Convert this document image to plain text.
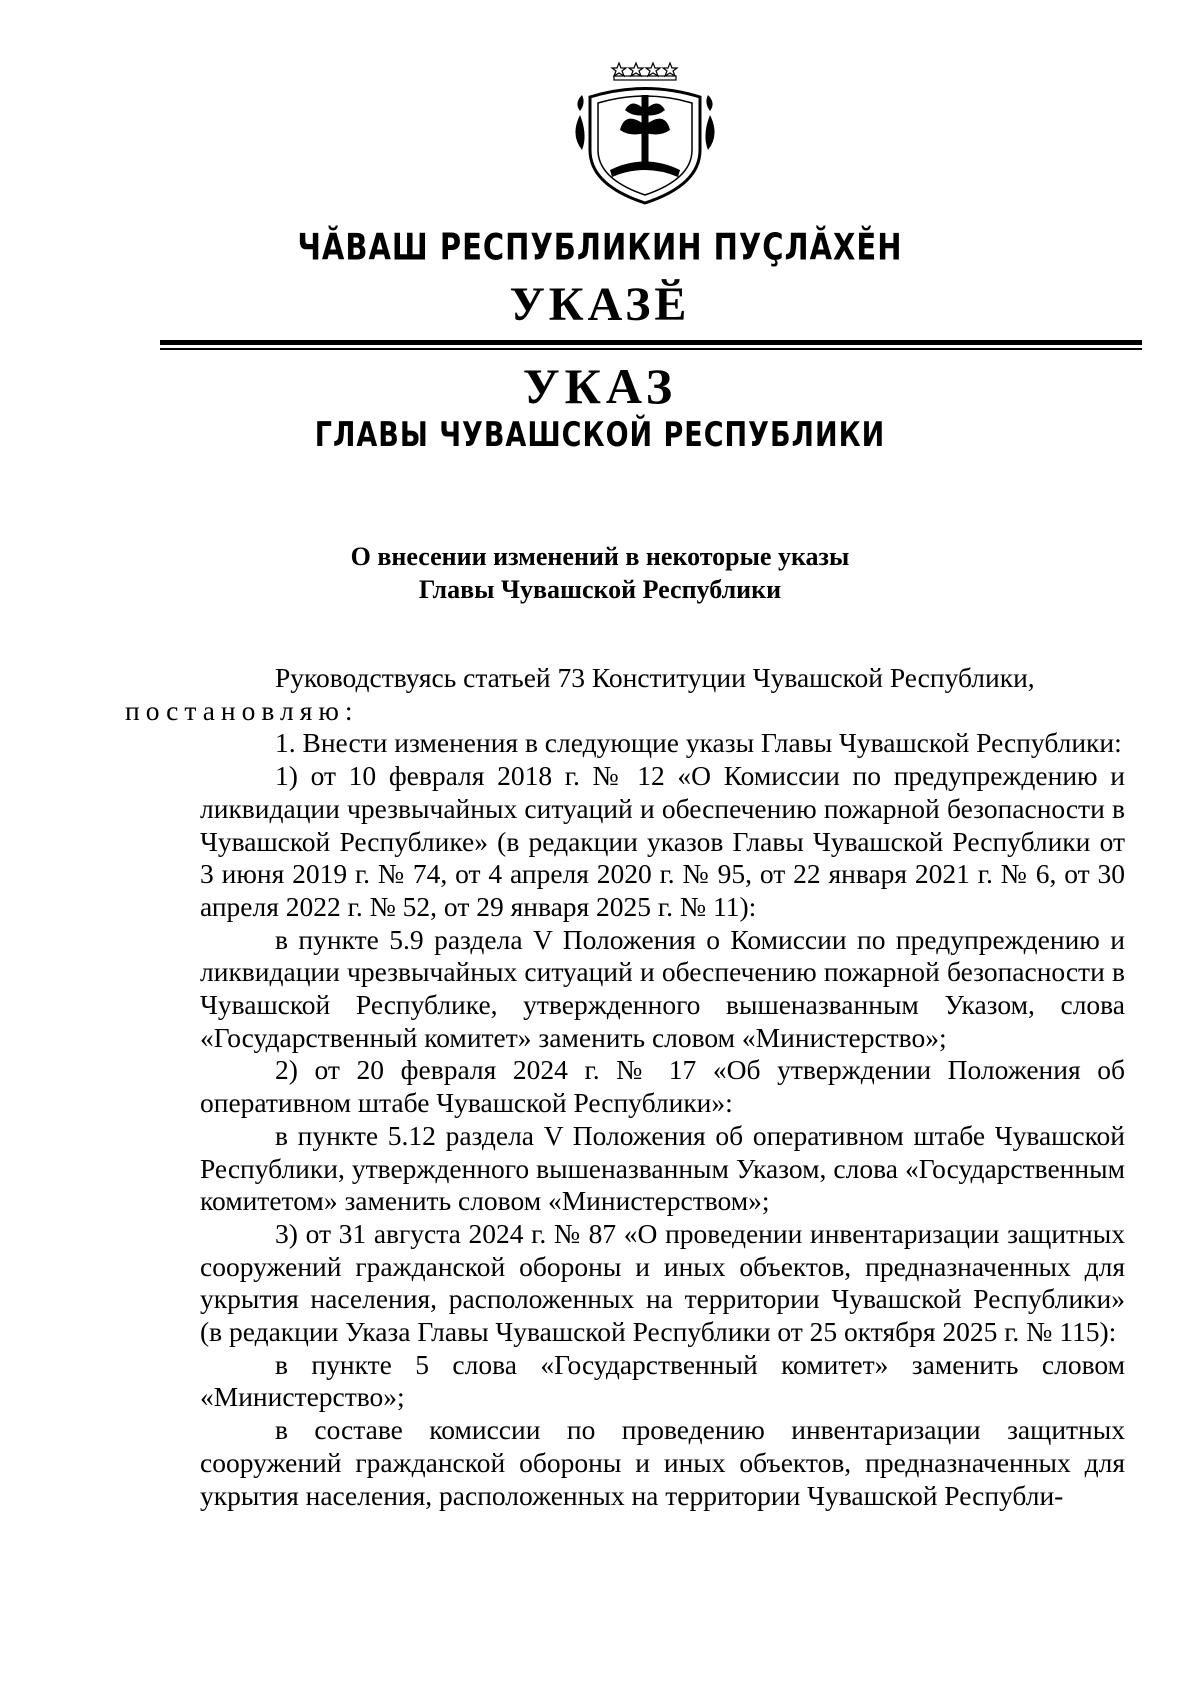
ЧӐВАШ РЕСПУБЛИКИН ПУҪЛӐХӖН
УКАЗӖ
УКАЗ
ГЛАВЫ ЧУВАШСКОЙ РЕСПУБЛИКИ
О внесении изменений в некоторые указы
Главы Чувашской Республики

Руководствуясь статьей 73 Конституции Чувашской Республики,
постановляю:

1. Внести изменения в следующие указы Главы Чувашской Республики:

1) от 10 февраля 2018 г. № 12 «О Комиссии по предупреждению и ликвидации чрезвычайных ситуаций и обеспечению пожарной безопасности в Чувашской Республике» (в редакции указов Главы Чувашской Республики от 3 июня 2019 г. № 74, от 4 апреля 2020 г. № 95, от 22 января 2021 г. № 6, от 30 апреля 2022 г. № 52, от 29 января 2025 г. № 11):

в пункте 5.9 раздела V Положения о Комиссии по предупреждению и ликвидации чрезвычайных ситуаций и обеспечению пожарной безопасности в Чувашской Республике, утвержденного вышеназванным Указом, слова «Государственный комитет» заменить словом «Министерство»;

2) от 20 февраля 2024 г. № 17 «Об утверждении Положения об оперативном штабе Чувашской Республики»:

в пункте 5.12 раздела V Положения об оперативном штабе Чувашской Республики, утвержденного вышеназванным Указом, слова «Государственным комитетом» заменить словом «Министерством»;

3) от 31 августа 2024 г. № 87 «О проведении инвентаризации защитных сооружений гражданской обороны и иных объектов, предназначенных для укрытия населения, расположенных на территории Чувашской Республики» (в редакции Указа Главы Чувашской Республики от 25 октября 2025 г. № 115):

в пункте 5 слова «Государственный комитет» заменить словом «Министерство»;

в составе комиссии по проведению инвентаризации защитных сооружений гражданской обороны и иных объектов, предназначенных для укрытия населения, расположенных на территории Чувашской Республи-
